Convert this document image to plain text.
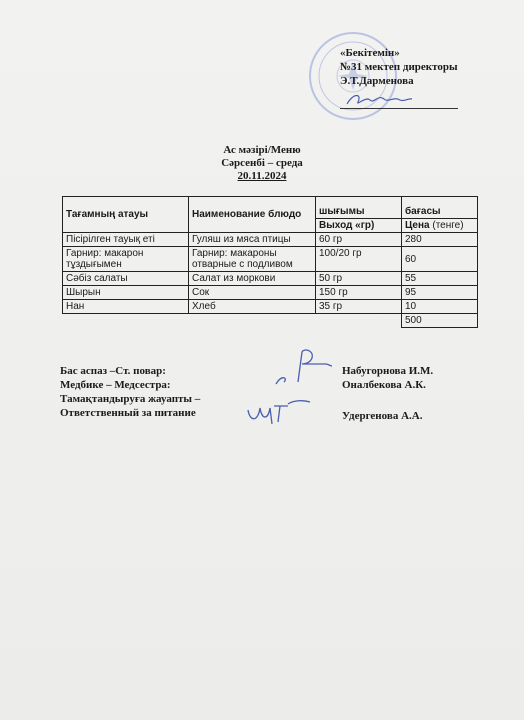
«Бекітемін»
№31 мектеп директоры
Э.Т.Дарменова
Ас мәзірі/Меню
Сәрсенбі – среда
20.11.2024
Тағамның атауы	Наименование блюдо	шығымы	бағасы
		Выход «гр)	Цена (тенге)
Пісірілген тауық еті	Гуляш из мяса птицы	60 гр	280
Гарнир: макарон тұздығымен	Гарнир: макароны отварные с подливом	100/20 гр	60
Сәбіз салаты	Салат из моркови	50 гр	55
Шырын	Сок	150 гр	95
Нан	Хлеб	35 гр	10
			500
Бас аспаз –Ст. повар:
Медбике – Медсестра:
Тамақтандыруға жауапты –
Ответственный за питание
Набугорнова И.М.
Оналбекова А.К.
Удергенова А.А.
